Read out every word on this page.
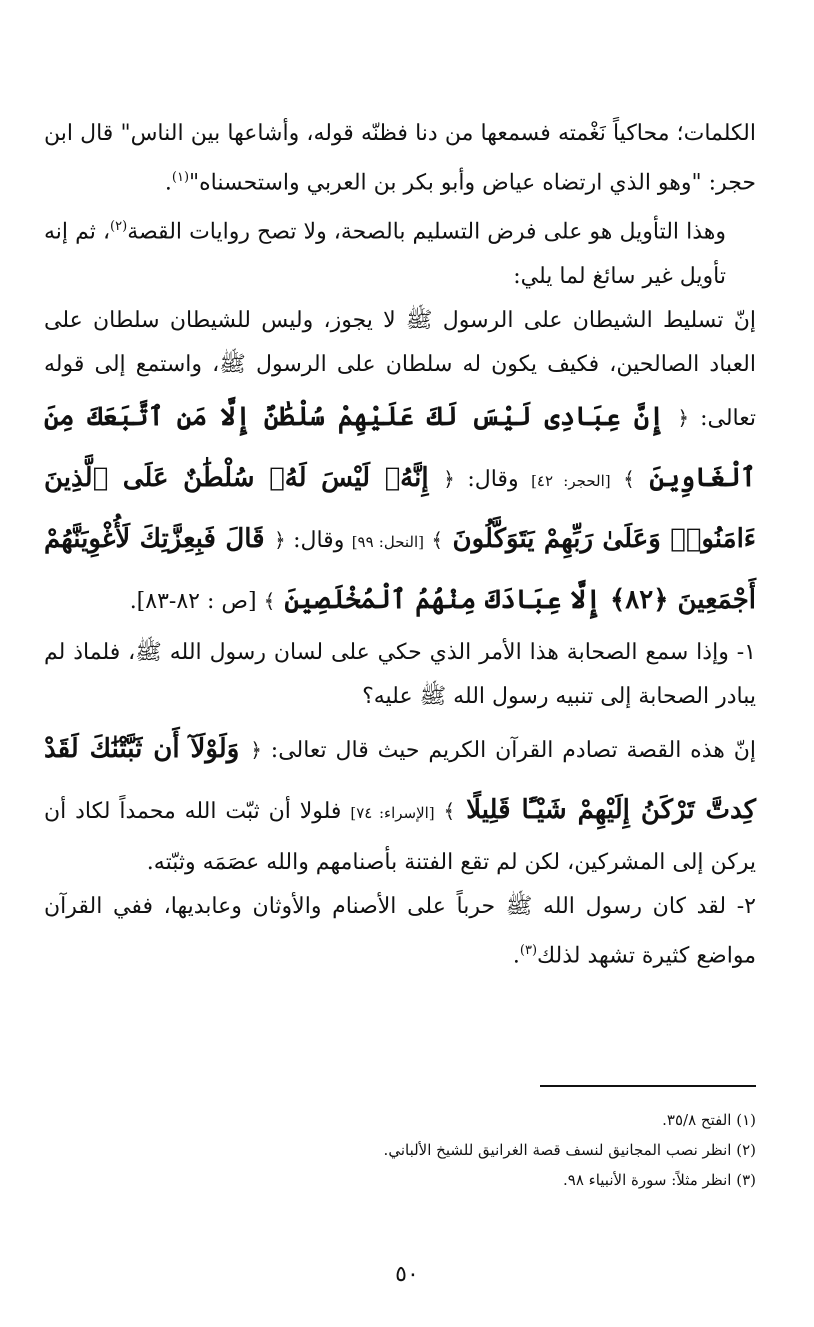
الكلمات؛ محاكياً نَغْمته فسمعها من دنا فظنّه قوله، وأشاعها بين الناس" قال ابن حجر: "وهو الذي ارتضاه عياض وأبو بكر بن العربي واستحسناه"$^{(١)}$.

وهذا التأويل هو على فرض التسليم بالصحة، ولا تصح روايات القصة$^{(٢)}$، ثم إنه تأويل غير سائغ لما يلي:

إنّ تسليط الشيطان على الرسول ﷺ لا يجوز، وليس للشيطان سلطان على العباد الصالحين، فكيف يكون له سلطان على الرسول ﷺ، واستمع إلى قوله تعالى: ﴿ إِنَّ عِبَادِى لَيْسَ لَكَ عَلَيْهِمْ سُلْطَٰنٌ إِلَّا مَنِ ٱتَّبَعَكَ مِنَ ٱلْغَاوِينَ ﴾ [الحجر: ٤٢] وقال: ﴿ إِنَّهُۥ لَيْسَ لَهُۥ سُلْطَٰنٌ عَلَى ٱلَّذِينَ ءَامَنُوا۟ وَعَلَىٰ رَبِّهِمْ يَتَوَكَّلُونَ ﴾ [النحل: ٩٩] وقال: ﴿ قَالَ فَبِعِزَّتِكَ لَأُغْوِيَنَّهُمْ أَجْمَعِينَ ﴿٨٢﴾ إِلَّا عِبَادَكَ مِنْهُمُ ٱلْمُخْلَصِينَ ﴾ [ص : ٨٢-٨٣].

١- وإذا سمع الصحابة هذا الأمر الذي حكي على لسان رسول الله ﷺ، فلماذ لم يبادر الصحابة إلى تنبيه رسول الله ﷺ عليه؟

إنّ هذه القصة تصادم القرآن الكريم حيث قال تعالى: ﴿ وَلَوْلَآ أَن ثَبَّتْنَٰكَ لَقَدْ كِدتَّ تَرْكَنُ إِلَيْهِمْ شَيْـًٔا قَلِيلًا ﴾ [الإسراء: ٧٤] فلولا أن ثبّت الله محمداً لكاد أن يركن إلى المشركين، لكن لم تقع الفتنة بأصنامهم والله عصَمَه وثبّته.

٢- لقد كان رسول الله ﷺ حرباً على الأصنام والأوثان وعابديها، ففي القرآن مواضع كثيرة تشهد لذلك$^{(٣)}$.

(١) الفتح ٣٥/٨.

(٢) انظر نصب المجانيق لنسف قصة الغرانيق للشيخ الألباني.

(٣) انظر مثلاً: سورة الأنبياء ٩٨.

٥٠
